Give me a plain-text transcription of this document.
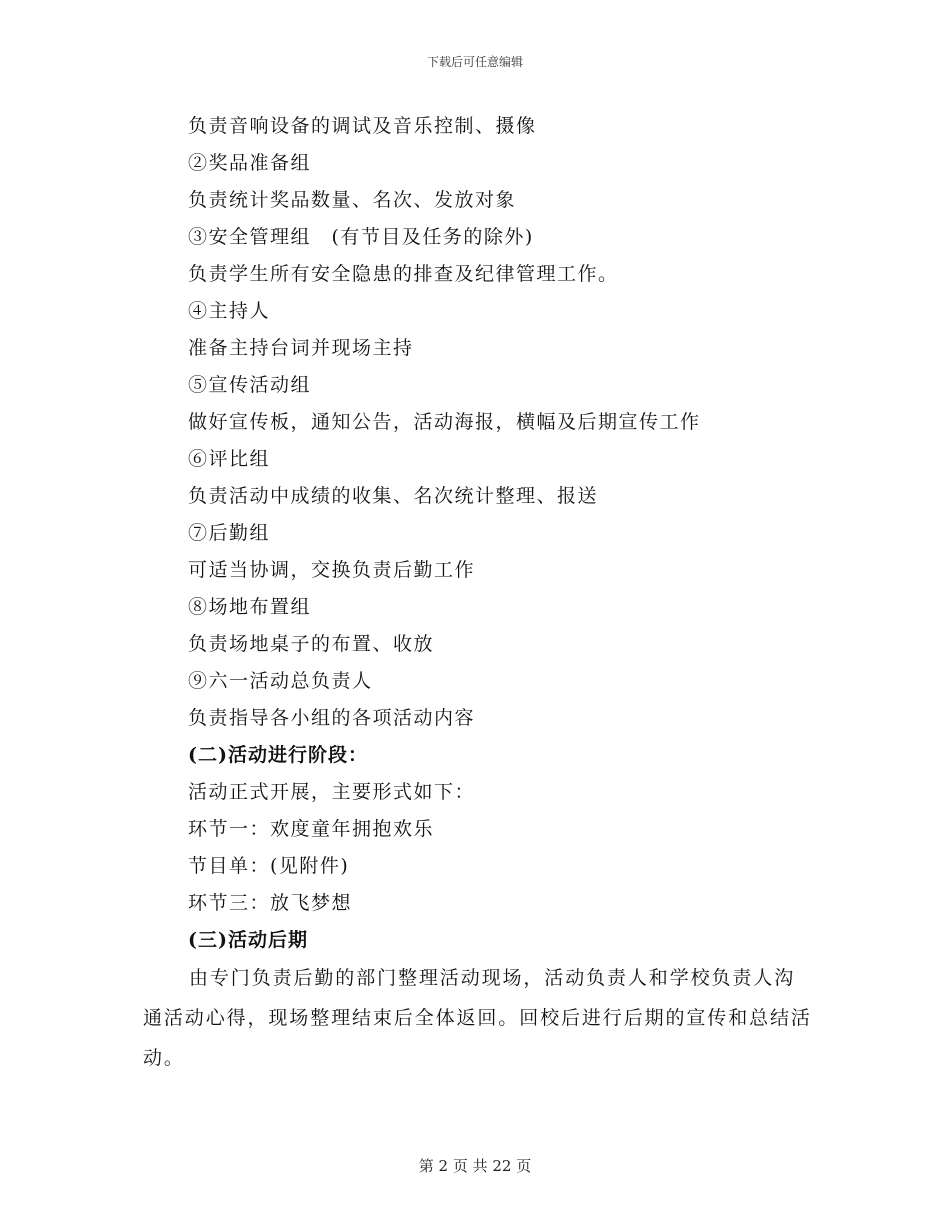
下载后可任意编辑
负责音响设备的调试及音乐控制、摄像
②奖品准备组
负责统计奖品数量、名次、发放对象
③安全管理组　(有节目及任务的除外)
负责学生所有安全隐患的排查及纪律管理工作。
④主持人
准备主持台词并现场主持
⑤宣传活动组
做好宣传板，通知公告，活动海报，横幅及后期宣传工作
⑥评比组
负责活动中成绩的收集、名次统计整理、报送
⑦后勤组
可适当协调，交换负责后勤工作
⑧场地布置组
负责场地桌子的布置、收放
⑨六一活动总负责人
负责指导各小组的各项活动内容
(二)活动进行阶段：
活动正式开展，主要形式如下：
环节一：欢度童年拥抱欢乐
节目单：(见附件)
环节三：放飞梦想
(三)活动后期
由专门负责后勤的部门整理活动现场，活动负责人和学校负责人沟通活动心得，现场整理结束后全体返回。回校后进行后期的宣传和总结活动。
第 2 页 共 22 页
